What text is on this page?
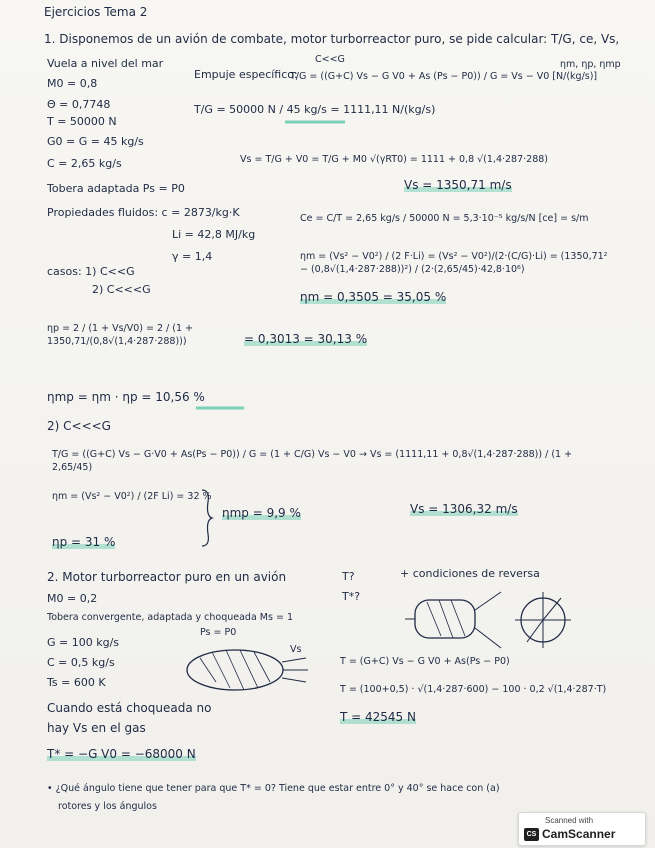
Ejercicios Tema 2
1. Disponemos de un avión de combate, motor turborreactor puro, se pide calcular: T/G, ce, Vs,
ηm, ηp, ηmp
Vuela a nivel del mar
M0 = 0,8
Θ = 0,7748
T = 50000 N
G0 = G = 45 kg/s
C = 2,65 kg/s
Tobera adaptada Ps = P0
Propiedades fluidos: c = 2873/kg·K
Li = 42,8 MJ/kg
γ = 1,4
casos: 1) C<<G
2) C<<<G
C<<G
Empuje específico:
T/G = ((G+C) Vs − G V0 + As (Ps − P0)) / G = Vs − V0 [N/(kg/s)]
T/G = 50000 N / 45 kg/s = 1111,11 N/(kg/s)
Vs = T/G + V0 = T/G + M0 √(γRT0) = 1111 + 0,8 √(1,4·287·288)
Vs = 1350,71 m/s
Ce = C/T = 2,65 kg/s / 50000 N = 5,3·10⁻⁵ kg/s/N [ce] = s/m
ηm = (Vs² − V0²) / (2 F·Li) = (Vs² − V0²)/(2·(C/G)·Li) = (1350,71² − (0,8√(1,4·287·288))²) / (2·(2,65/45)·42,8·10⁶)
ηm = 0,3505 = 35,05 %
ηp = 2 / (1 + Vs/V0) = 2 / (1 + 1350,71/(0,8√(1,4·287·288)))	= 0,3013 = 30,13 %
ηmp = ηm · ηp = 10,56 %
2) C<<<G
T/G = ((G+C) Vs − G·V0 + As(Ps − P0)) / G = (1 + C/G) Vs − V0 → Vs = (1111,11 + 0,8√(1,4·287·288)) / (1 + 2,65/45)
ηm = (Vs² − V0²) / (2F Li) = 32 %
ηmp = 9,9 %	Vs = 1306,32 m/s
ηp = 31 %
2. Motor turborreactor puro en un avión	T?
T*?
+ condiciones de reversa
M0 = 0,2
Tobera convergente, adaptada y choqueada Ms = 1
Ps = P0
G = 100 kg/s
C = 0,5 kg/s
Ts = 600 K
Vs
T = (G+C) Vs − G V0 + As(Ps − P0)
T = (100+0,5) · √(1,4·287·600) − 100 · 0,2 √(1,4·287·T)
T = 42545 N
Cuando está choqueada no
hay Vs en el gas
T* = −G V0 = −68000 N
• ¿Qué ángulo tiene que tener para que T* = 0? Tiene que estar entre 0° y 40° se hace con (a)
rotores y los ángulos
Scanned with
CS CamScanner
